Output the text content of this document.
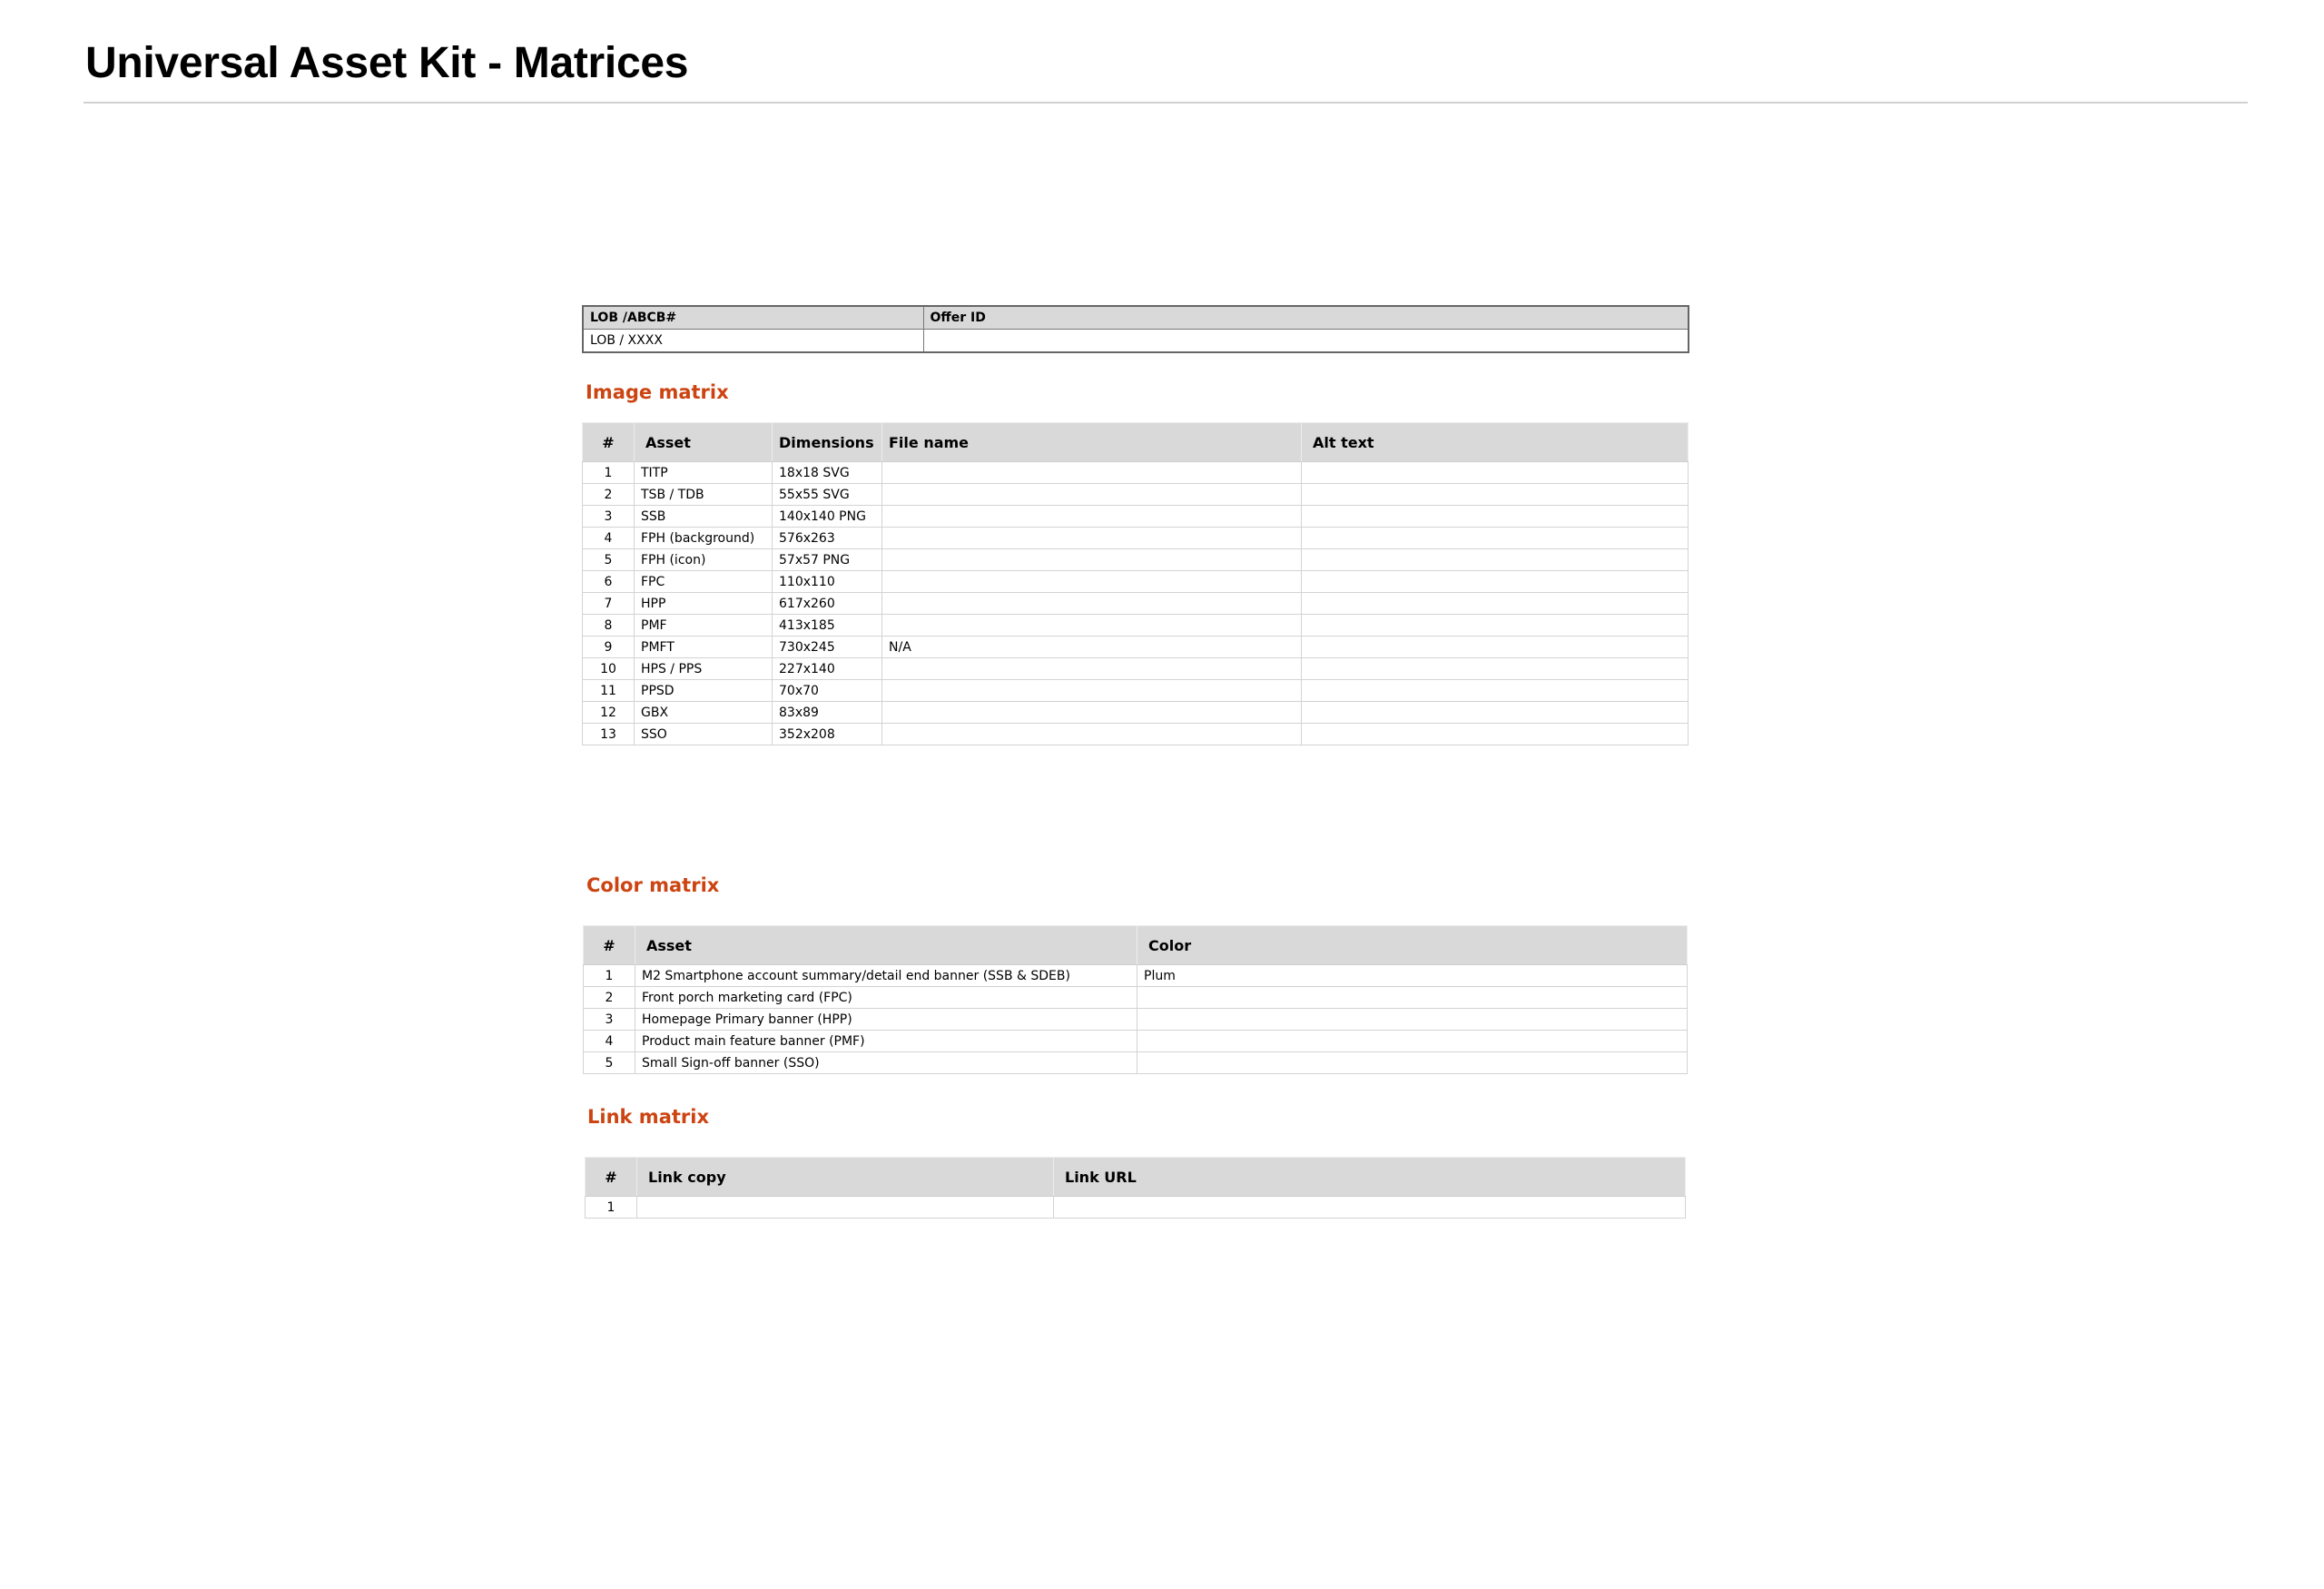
Universal Asset Kit - Matrices
LOB /ABCB#	Offer ID
LOB / XXXX	
Image matrix
#	Asset	Dimensions	File name	Alt text
1	TITP	18x18 SVG		
2	TSB / TDB	55x55 SVG		
3	SSB	140x140 PNG		
4	FPH (background)	576x263		
5	FPH (icon)	57x57 PNG		
6	FPC	110x110		
7	HPP	617x260		
8	PMF	413x185		
9	PMFT	730x245	N/A	
10	HPS / PPS	227x140		
11	PPSD	70x70		
12	GBX	83x89		
13	SSO	352x208		
Color matrix
#	Asset	Color
1	M2 Smartphone account summary/detail end banner (SSB & SDEB)	Plum
2	Front porch marketing card (FPC)	
3	Homepage Primary banner (HPP)	
4	Product main feature banner (PMF)	
5	Small Sign-off banner (SSO)	
Link matrix
#	Link copy	Link URL
1		
